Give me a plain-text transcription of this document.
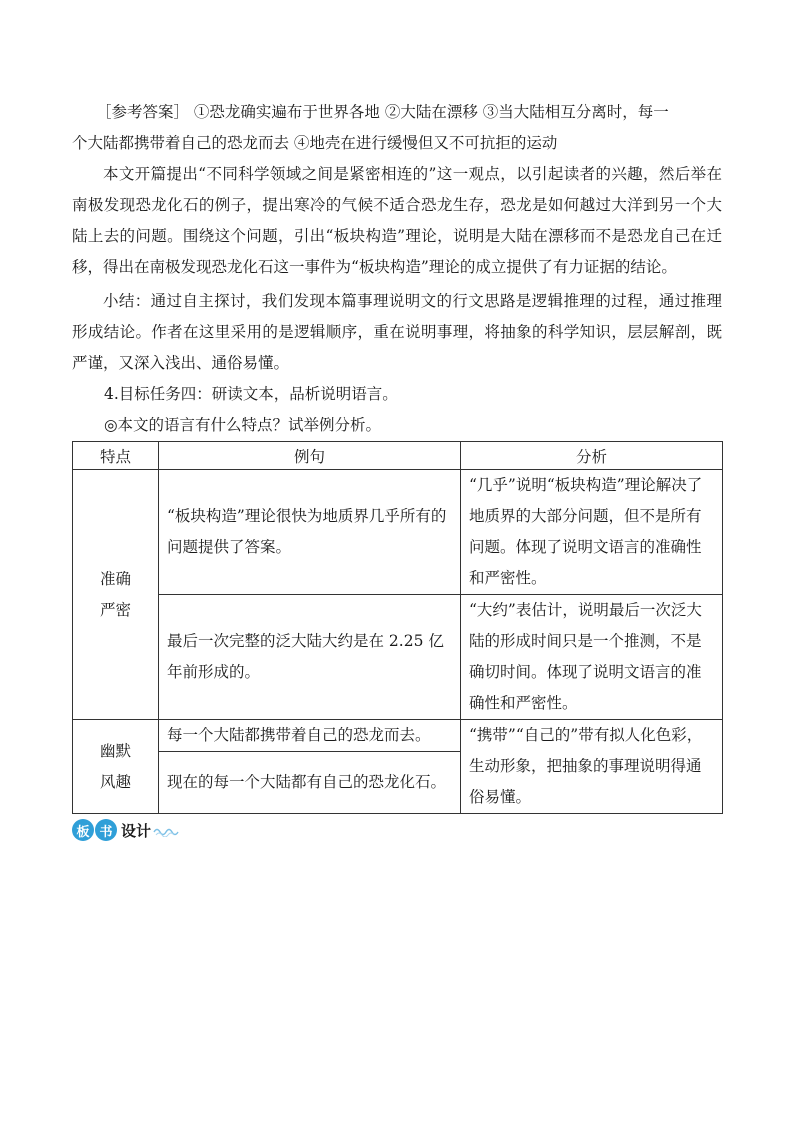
［参考答案］ ①恐龙确实遍布于世界各地 ②大陆在漂移 ③当大陆相互分离时，每一
个大陆都携带着自己的恐龙而去 ④地壳在进行缓慢但又不可抗拒的运动
本文开篇提出“不同科学领域之间是紧密相连的”这一观点，以引起读者的兴趣，然后举在南极发现恐龙化石的例子，提出寒冷的气候不适合恐龙生存，恐龙是如何越过大洋到另一个大陆上去的问题。围绕这个问题，引出“板块构造”理论，说明是大陆在漂移而不是恐龙自己在迁移，得出在南极发现恐龙化石这一事件为“板块构造”理论的成立提供了有力证据的结论。
小结：通过自主探讨，我们发现本篇事理说明文的行文思路是逻辑推理的过程，通过推理形成结论。作者在这里采用的是逻辑顺序，重在说明事理，将抽象的科学知识，层层解剖，既严谨，又深入浅出、通俗易懂。
4.目标任务四：研读文本，品析说明语言。
◎本文的语言有什么特点？试举例分析。
特点	例句	分析

准确
严密	“板块构造”理论很快为地质界几乎所有的问题提供了答案。	“几乎”说明“板块构造”理论解决了地质界的大部分问题，但不是所有问题。体现了说明文语言的准确性和严密性。
	最后一次完整的泛大陆大约是在 2.25 亿年前形成的。	“大约”表估计，说明最后一次泛大陆的形成时间只是一个推测，不是确切时间。体现了说明文语言的准确性和严密性。

幽默
风趣	每一个大陆都携带着自己的恐龙而去。	“携带”“自己的”带有拟人化色彩，生动形象，把抽象的事理说明得通俗易懂。
	现在的每一个大陆都有自己的恐龙化石。	
板 书 设计
